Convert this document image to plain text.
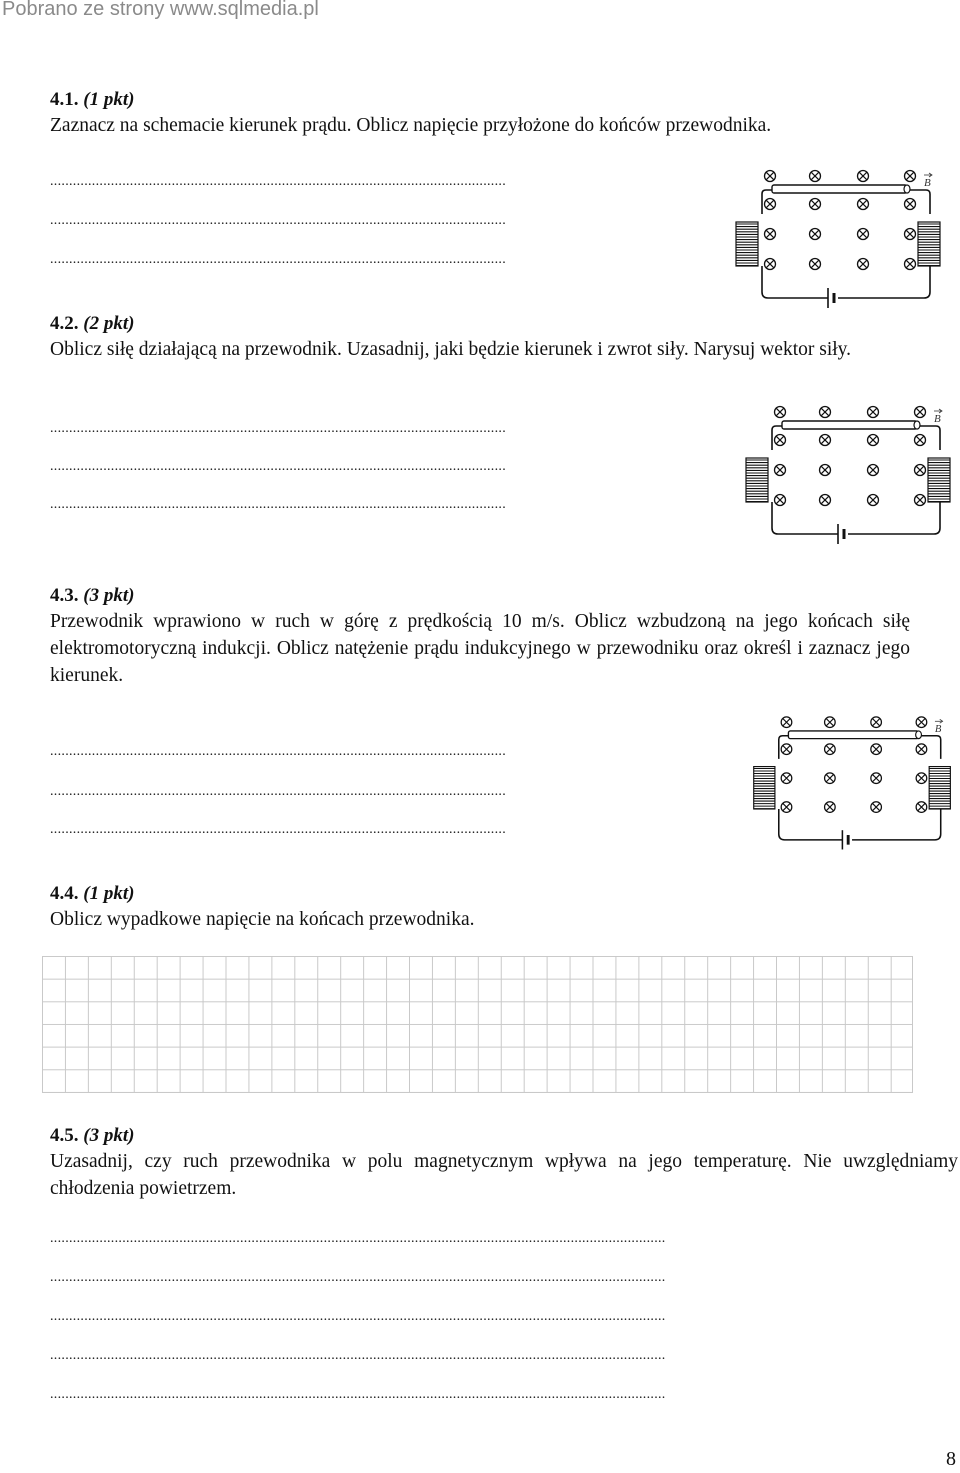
Pobrano ze strony www.sqlmedia.pl
4.1. (1 pkt)
Zaznacz na schemacie kierunek prądu. Oblicz napięcie przyłożone do końców przewodnika.
........................................................................................................................
........................................................................................................................
........................................................................................................................
4.2. (2 pkt)
Oblicz siłę działającą na przewodnik. Uzasadnij, jaki będzie kierunek i zwrot siły. Narysuj wektor siły.
........................................................................................................................
........................................................................................................................
........................................................................................................................
4.3. (3 pkt)
Przewodnik wprawiono w ruch w górę z prędkością 10 m/s. Oblicz wzbudzoną na jego końcach siłę elektromotoryczną indukcji. Oblicz natężenie prądu indukcyjnego w przewodniku oraz określ i zaznacz jego kierunek.
........................................................................................................................
........................................................................................................................
........................................................................................................................
4.4. (1 pkt)
Oblicz wypadkowe napięcie na końcach przewodnika.
4.5. (3 pkt)
Uzasadnij, czy ruch przewodnika w polu magnetycznym wpływa na jego temperaturę. Nie uwzględniamy chłodzenia powietrzem.
..................................................................................................................................................................
..................................................................................................................................................................
..................................................................................................................................................................
..................................................................................................................................................................
..................................................................................................................................................................
8
B
B
B
